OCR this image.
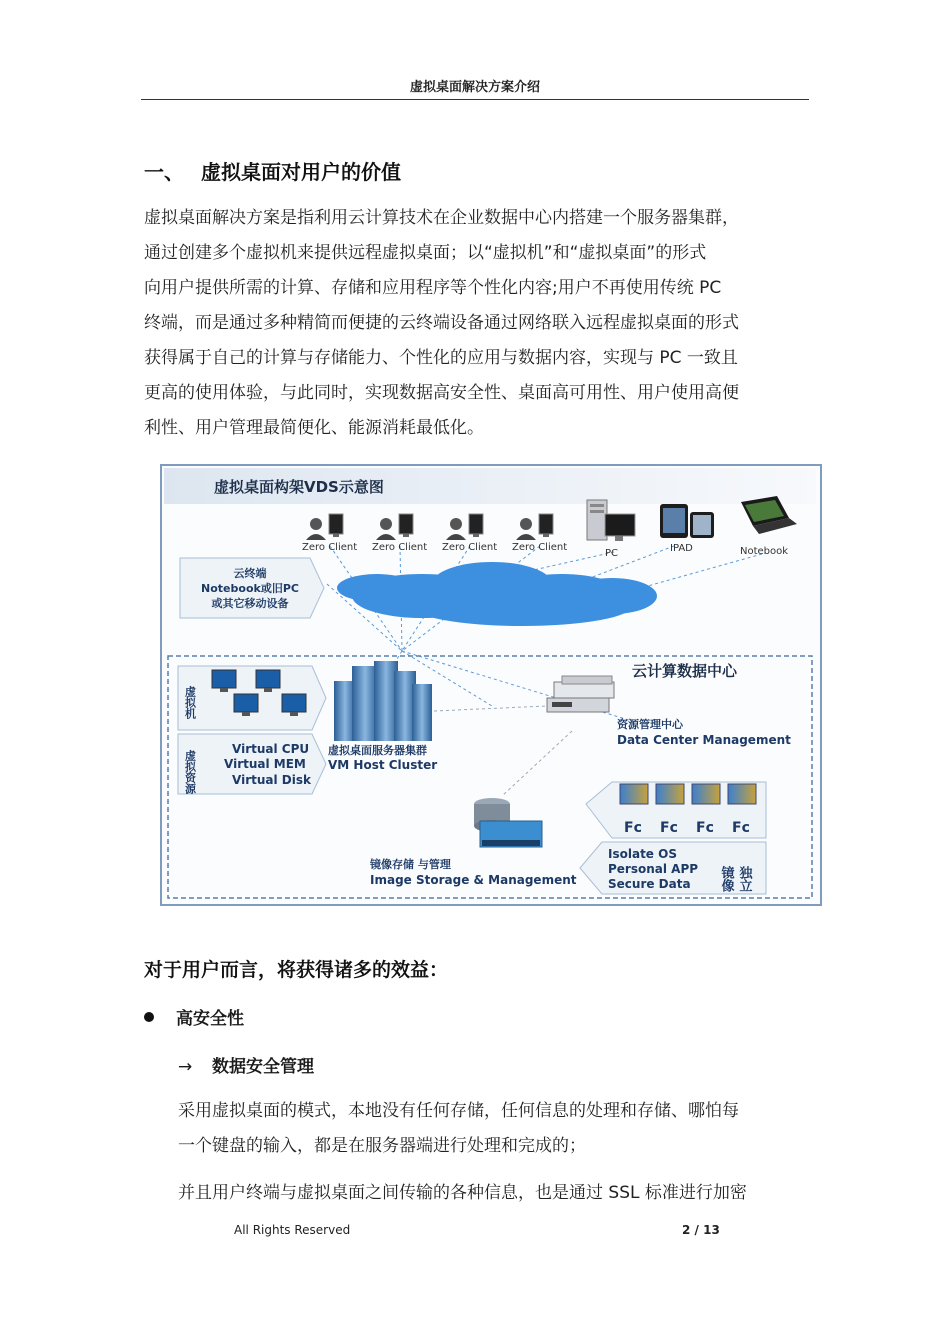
虚拟桌面解决方案介绍
一、 虚拟桌面对用户的价值
虚拟桌面解决方案是指利用云计算技术在企业数据中心内搭建一个服务器集群，
通过创建多个虚拟机来提供远程虚拟桌面；以“虚拟机”和“虚拟桌面”的形式
向用户提供所需的计算、存储和应用程序等个性化内容;用户不再使用传统 PC
终端，而是通过多种精简而便捷的云终端设备通过网络联入远程虚拟桌面的形式
获得属于自己的计算与存储能力、个性化的应用与数据内容，实现与 PC 一致且
更高的使用体验，与此同时，实现数据高安全性、桌面高可用性、用户使用高便
利性、用户管理最简便化、能源消耗最低化。
虚拟桌面构架VDS示意图
Zero Client Zero Client Zero Client Zero Client
PC	IPAD	Notebook
云终端
Notebook或旧PC
或其它移动设备
云计算数据中心
虚拟机
虚拟资源
Virtual CPU
Virtual MEM
Virtual Disk
虚拟桌面服务器集群
VM Host Cluster
资源管理中心
Data Center Management
镜像存储 与管理
Image Storage & Management
Fc Fc Fc Fc
Isolate OS
Personal APP
Secure Data 镜像 独立
对于用户而言，将获得诸多的效益：
高安全性
→ 数据安全管理
采用虚拟桌面的模式，本地没有任何存储，任何信息的处理和存储、哪怕每
一个键盘的输入，都是在服务器端进行处理和完成的；
并且用户终端与虚拟桌面之间传输的各种信息，也是通过 SSL 标准进行加密
All Rights Reserved	2 / 13
